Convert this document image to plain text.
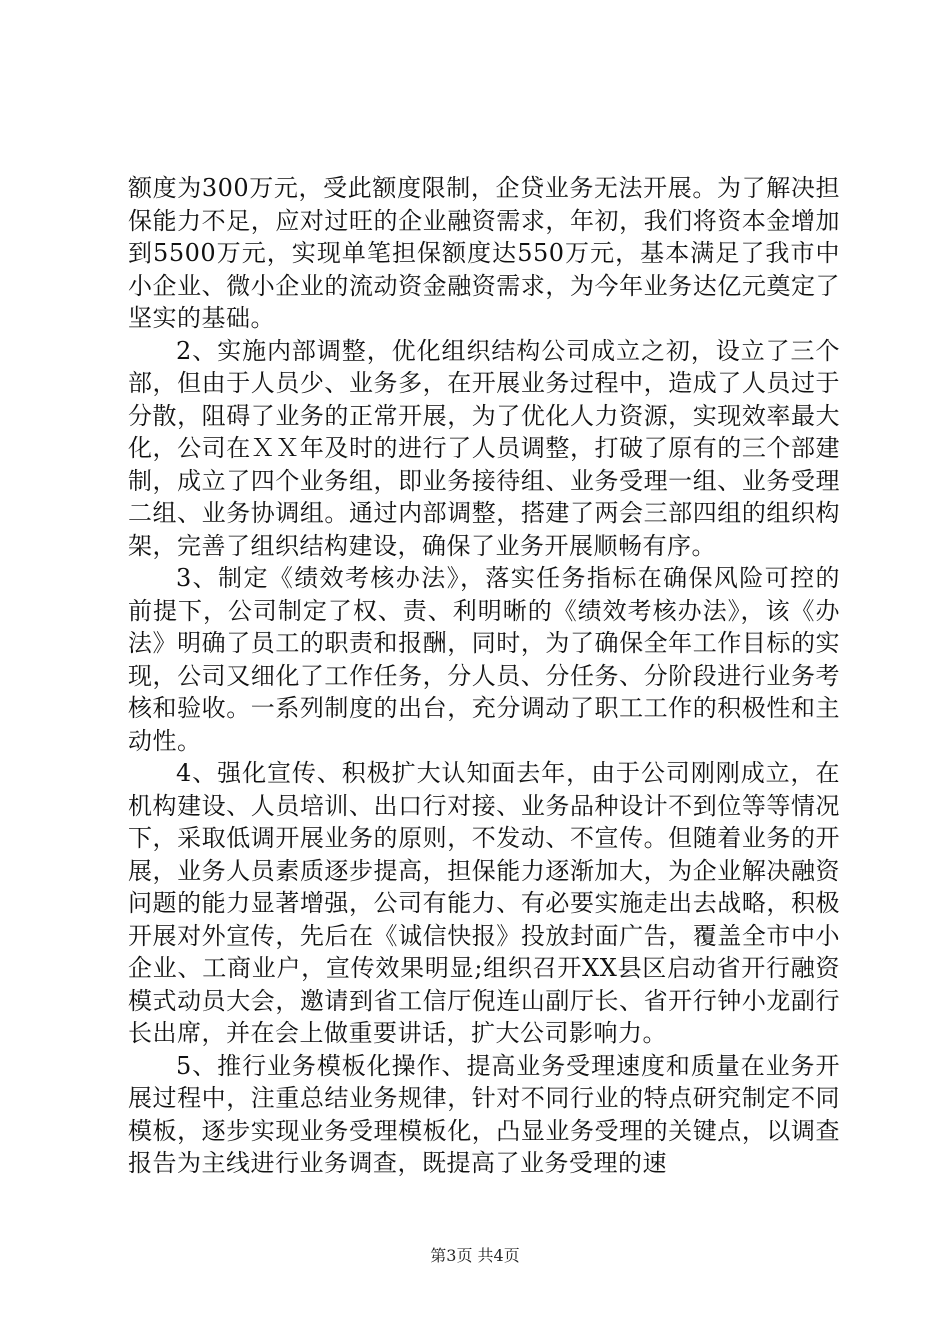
额度为300万元，受此额度限制，企贷业务无法开展。为了解决担保能力不足，应对过旺的企业融资需求，年初，我们将资本金增加到5500万元，实现单笔担保额度达550万元，基本满足了我市中小企业、微小企业的流动资金融资需求，为今年业务达亿元奠定了坚实的基础。

2、实施内部调整，优化组织结构公司成立之初，设立了三个部，但由于人员少、业务多，在开展业务过程中，造成了人员过于分散，阻碍了业务的正常开展，为了优化人力资源，实现效率最大化，公司在ＸＸ年及时的进行了人员调整，打破了原有的三个部建制，成立了四个业务组，即业务接待组、业务受理一组、业务受理二组、业务协调组。通过内部调整，搭建了两会三部四组的组织构架，完善了组织结构建设，确保了业务开展顺畅有序。

3、制定《绩效考核办法》，落实任务指标在确保风险可控的前提下，公司制定了权、责、利明晰的《绩效考核办法》，该《办法》明确了员工的职责和报酬，同时，为了确保全年工作目标的实现，公司又细化了工作任务，分人员、分任务、分阶段进行业务考核和验收。一系列制度的出台，充分调动了职工工作的积极性和主动性。

4、强化宣传、积极扩大认知面去年，由于公司刚刚成立，在机构建设、人员培训、出口行对接、业务品种设计不到位等等情况下，采取低调开展业务的原则，不发动、不宣传。但随着业务的开展，业务人员素质逐步提高，担保能力逐渐加大，为企业解决融资问题的能力显著增强，公司有能力、有必要实施走出去战略，积极开展对外宣传，先后在《诚信快报》投放封面广告，覆盖全市中小企业、工商业户，宣传效果明显;组织召开XX县区启动省开行融资模式动员大会，邀请到省工信厅倪连山副厅长、省开行钟小龙副行长出席，并在会上做重要讲话，扩大公司影响力。

5、推行业务模板化操作、提高业务受理速度和质量在业务开展过程中，注重总结业务规律，针对不同行业的特点研究制定不同模板，逐步实现业务受理模板化，凸显业务受理的关键点，以调查报告为主线进行业务调查，既提高了业务受理的速

第3页 共4页
